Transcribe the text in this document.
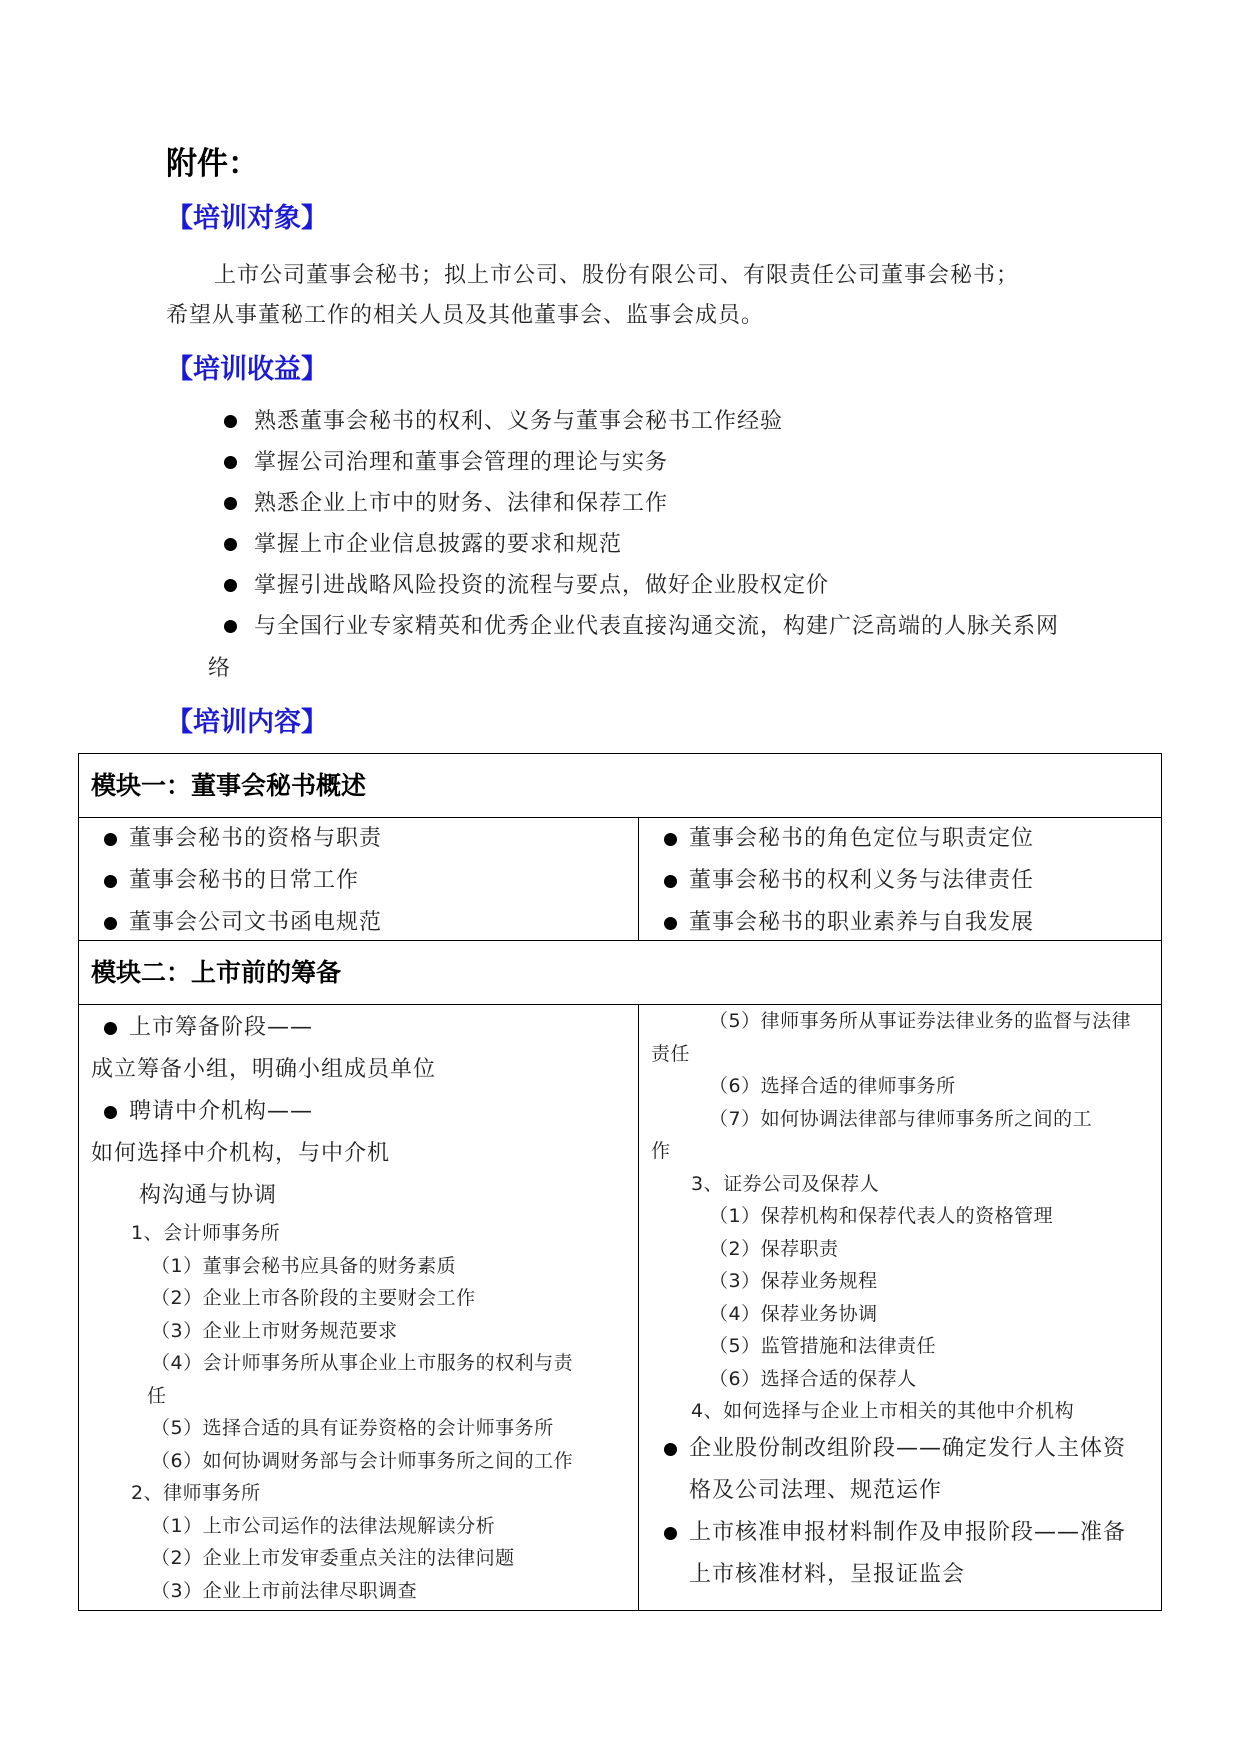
附件：
【培训对象】
上市公司董事会秘书；拟上市公司、股份有限公司、有限责任公司董事会秘书；
希望从事董秘工作的相关人员及其他董事会、监事会成员。
【培训收益】
熟悉董事会秘书的权利、义务与董事会秘书工作经验
掌握公司治理和董事会管理的理论与实务
熟悉企业上市中的财务、法律和保荐工作
掌握上市企业信息披露的要求和规范
掌握引进战略风险投资的流程与要点，做好企业股权定价
与全国行业专家精英和优秀企业代表直接沟通交流，构建广泛高端的人脉关系网
络
【培训内容】
模块一：董事会秘书概述
董事会秘书的资格与职责
董事会秘书的日常工作
董事会公司文书函电规范
董事会秘书的角色定位与职责定位
董事会秘书的权利义务与法律责任
董事会秘书的职业素养与自我发展
模块二：上市前的筹备
上市筹备阶段——
成立筹备小组，明确小组成员单位
聘请中介机构——
如何选择中介机构，与中介机
构沟通与协调
1、会计师事务所
（1）董事会秘书应具备的财务素质
（2）企业上市各阶段的主要财会工作
（3）企业上市财务规范要求
（4）会计师事务所从事企业上市服务的权利与责
任
（5）选择合适的具有证券资格的会计师事务所
（6）如何协调财务部与会计师事务所之间的工作
2、律师事务所
（1）上市公司运作的法律法规解读分析
（2）企业上市发审委重点关注的法律问题
（3）企业上市前法律尽职调查
（5）律师事务所从事证券法律业务的监督与法律
责任
（6）选择合适的律师事务所
（7）如何协调法律部与律师事务所之间的工
作
3、证券公司及保荐人
（1）保荐机构和保荐代表人的资格管理
（2）保荐职责
（3）保荐业务规程
（4）保荐业务协调
（5）监管措施和法律责任
（6）选择合适的保荐人
4、如何选择与企业上市相关的其他中介机构
企业股份制改组阶段——确定发行人主体资
格及公司法理、规范运作
上市核准申报材料制作及申报阶段——准备
上市核准材料，呈报证监会
